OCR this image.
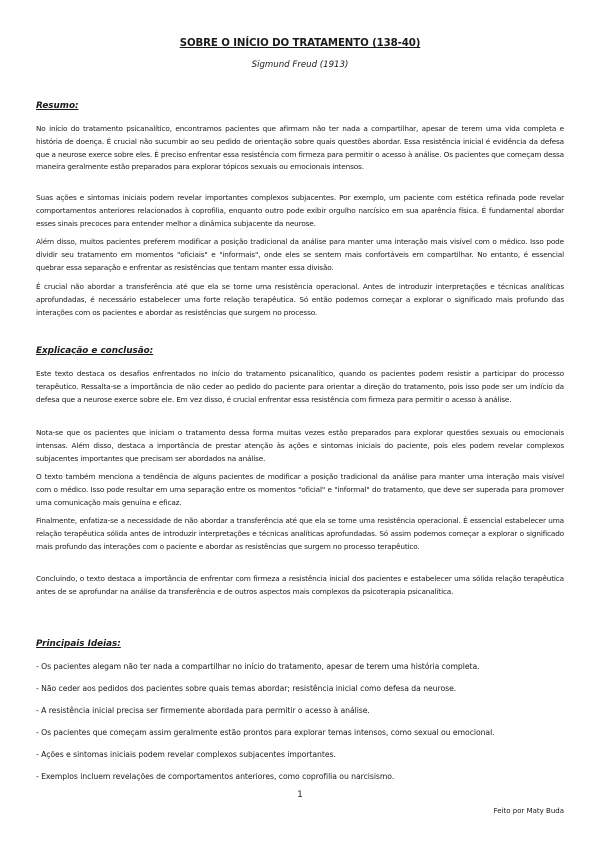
SOBRE O INÍCIO DO TRATAMENTO (138-40)
Sigmund Freud (1913)
Resumo:

No início do tratamento psicanalítico, encontramos pacientes que afirmam não ter nada a compartilhar, apesar de terem uma vida completa e história de doença. É crucial não sucumbir ao seu pedido de orientação sobre quais questões abordar. Essa resistência inicial é evidência da defesa que a neurose exerce sobre eles. É preciso enfrentar essa resistência com firmeza para permitir o acesso à análise. Os pacientes que começam dessa maneira geralmente estão preparados para explorar tópicos sexuais ou emocionais intensos.

Suas ações e sintomas iniciais podem revelar importantes complexos subjacentes. Por exemplo, um paciente com estética refinada pode revelar comportamentos anteriores relacionados à coprofilia, enquanto outro pode exibir orgulho narcísico em sua aparência física. É fundamental abordar esses sinais precoces para entender melhor a dinâmica subjacente da neurose.

Além disso, muitos pacientes preferem modificar a posição tradicional da análise para manter uma interação mais visível com o médico. Isso pode dividir seu tratamento em momentos "oficiais" e "informais", onde eles se sentem mais confortáveis em compartilhar. No entanto, é essencial quebrar essa separação e enfrentar as resistências que tentam manter essa divisão.

É crucial não abordar a transferência até que ela se torne uma resistência operacional. Antes de introduzir interpretações e técnicas analíticas aprofundadas, é necessário estabelecer uma forte relação terapêutica. Só então podemos começar a explorar o significado mais profundo das interações com os pacientes e abordar as resistências que surgem no processo.

Explicação e conclusão:

Este texto destaca os desafios enfrentados no início do tratamento psicanalítico, quando os pacientes podem resistir a participar do processo terapêutico. Ressalta-se a importância de não ceder ao pedido do paciente para orientar a direção do tratamento, pois isso pode ser um indício da defesa que a neurose exerce sobre ele. Em vez disso, é crucial enfrentar essa resistência com firmeza para permitir o acesso à análise.

Nota-se que os pacientes que iniciam o tratamento dessa forma muitas vezes estão preparados para explorar questões sexuais ou emocionais intensas. Além disso, destaca a importância de prestar atenção às ações e sintomas iniciais do paciente, pois eles podem revelar complexos subjacentes importantes que precisam ser abordados na análise.

O texto também menciona a tendência de alguns pacientes de modificar a posição tradicional da análise para manter uma interação mais visível com o médico. Isso pode resultar em uma separação entre os momentos "oficial" e "informal" do tratamento, que deve ser superada para promover uma comunicação mais genuína e eficaz.

Finalmente, enfatiza-se a necessidade de não abordar a transferência até que ela se torne uma resistência operacional. É essencial estabelecer uma relação terapêutica sólida antes de introduzir interpretações e técnicas analíticas aprofundadas. Só assim podemos começar a explorar o significado mais profundo das interações com o paciente e abordar as resistências que surgem no processo terapêutico.

Concluindo, o texto destaca a importância de enfrentar com firmeza a resistência inicial dos pacientes e estabelecer uma sólida relação terapêutica antes de se aprofundar na análise da transferência e de outros aspectos mais complexos da psicoterapia psicanalítica.

Principais Ideias:
- Os pacientes alegam não ter nada a compartilhar no início do tratamento, apesar de terem uma história completa.
- Não ceder aos pedidos dos pacientes sobre quais temas abordar; resistência inicial como defesa da neurose.
- A resistência inicial precisa ser firmemente abordada para permitir o acesso à análise.
- Os pacientes que começam assim geralmente estão prontos para explorar temas intensos, como sexual ou emocional.
- Ações e sintomas iniciais podem revelar complexos subjacentes importantes.
- Exemplos incluem revelações de comportamentos anteriores, como coprofilia ou narcisismo.
1
Feito por Maty Buda
